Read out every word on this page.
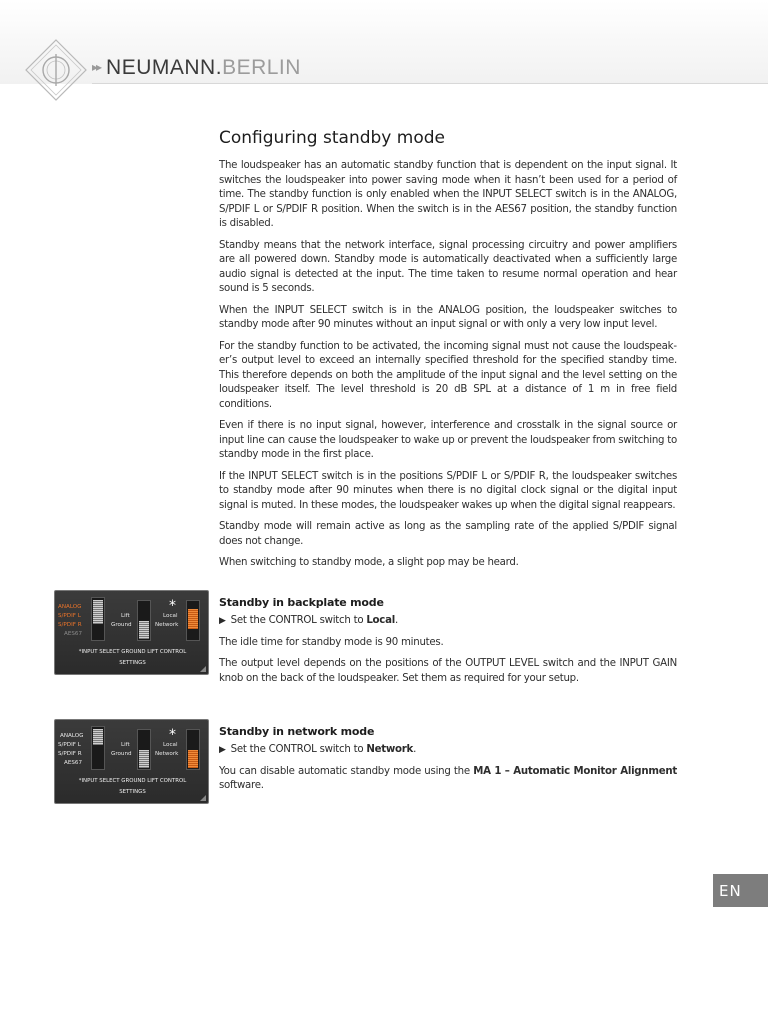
▸▸ NEUMANN.BERLIN
Configuring standby mode

The loudspeaker has an automatic standby function that is dependent on the input signal. It switches the loudspeaker into power saving mode when it hasn’t been used for a period of time. The standby function is only enabled when the INPUT SELECT switch is in the ANALOG, S/PDIF L or S/PDIF R position. When the switch is in the AES67 position, the standby function is disabled.

Standby means that the network interface, signal processing circuitry and power amplifiers are all powered down. Standby mode is automatically deactivated when a sufficiently large audio signal is detected at the input. The time taken to resume normal operation and hear sound is 5 seconds.

When the INPUT SELECT switch is in the ANALOG position, the loudspeaker switches to standby mode after 90 minutes without an input signal or with only a very low input level.

For the standby function to be activated, the incoming signal must not cause the loudspeaker’s output level to exceed an internally specified threshold for the specified standby time. This therefore depends on both the amplitude of the input signal and the level setting on the loudspeaker itself. The level threshold is 20 dB SPL at a distance of 1 m in free field conditions.

Even if there is no input signal, however, interference and crosstalk in the signal source or input line can cause the loudspeaker to wake up or prevent the loudspeaker from switching to standby mode in the first place.

If the INPUT SELECT switch is in the positions S/PDIF L or S/PDIF R, the loudspeaker switches to standby mode after 90 minutes when there is no digital clock signal or the digital input signal is muted. In these modes, the loudspeaker wakes up when the digital signal reappears.

Standby mode will remain active as long as the sampling rate of the applied S/PDIF signal does not change.

When switching to standby mode, a slight pop may be heard.

ANALOG
S/PDIF L
S/PDIF R
AES67
Lift
Ground
*
Local
Network
*INPUT SELECT GROUND LIFT CONTROL
SETTINGS
Standby in backplate mode
▶ Set the CONTROL switch to Local.

The idle time for standby mode is 90 minutes.

The output level depends on the positions of the OUTPUT LEVEL switch and the INPUT GAIN knob on the back of the loudspeaker. Set them as required for your setup.

ANALOG
S/PDIF L
S/PDIF R
AES67
Lift
Ground
*
Local
Network
*INPUT SELECT GROUND LIFT CONTROL
SETTINGS
Standby in network mode
▶ Set the CONTROL switch to Network.

You can disable automatic standby mode using the MA 1 – Automatic Monitor Alignment software.

EN
